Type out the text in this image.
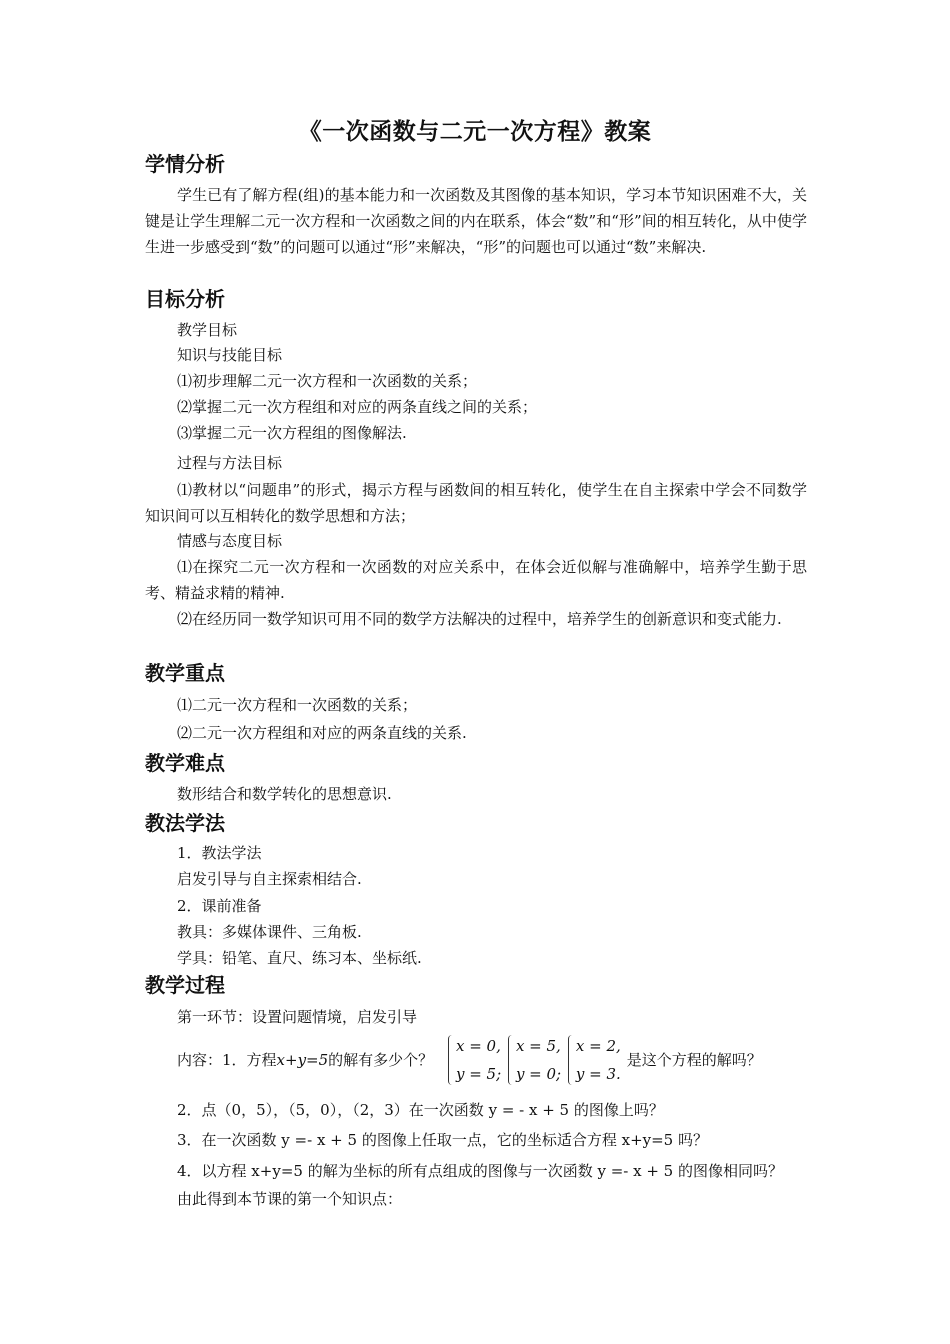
《一次函数与二元一次方程》教案
学情分析
学生已有了解方程(组)的基本能力和一次函数及其图像的基本知识，学习本节知识困难不大，关键是让学生理解二元一次方程和一次函数之间的内在联系，体会“数”和“形”间的相互转化，从中使学生进一步感受到“数”的问题可以通过“形”来解决，“形”的问题也可以通过“数”来解决.
目标分析
教学目标
知识与技能目标
⑴初步理解二元一次方程和一次函数的关系；
⑵掌握二元一次方程组和对应的两条直线之间的关系；
⑶掌握二元一次方程组的图像解法.
过程与方法目标
⑴教材以“问题串”的形式，揭示方程与函数间的相互转化，使学生在自主探索中学会不同数学知识间可以互相转化的数学思想和方法；
情感与态度目标
⑴在探究二元一次方程和一次函数的对应关系中，在体会近似解与准确解中，培养学生勤于思考、精益求精的精神.
⑵在经历同一数学知识可用不同的数学方法解决的过程中，培养学生的创新意识和变式能力.
教学重点
⑴二元一次方程和一次函数的关系；
⑵二元一次方程组和对应的两条直线的关系.
教学难点
数形结合和数学转化的思想意识.
教法学法
1．教法学法
启发引导与自主探索相结合.
2．课前准备
教具：多媒体课件、三角板.
学具：铅笔、直尺、练习本、坐标纸.
教学过程
第一环节：设置问题情境，启发引导
内容：1．方程x+y=5的解有多少个？
x = 0,
y = 5;

x = 5,
y = 0;

x = 2,
y = 3.
是这个方程的解吗？
2．点（0，5），（5，0），（2，3）在一次函数 y = - x + 5 的图像上吗？
3．在一次函数 y =- x + 5 的图像上任取一点，它的坐标适合方程 x+y=5 吗？
4．以方程 x+y=5 的解为坐标的所有点组成的图像与一次函数 y =- x + 5 的图像相同吗？
由此得到本节课的第一个知识点：
